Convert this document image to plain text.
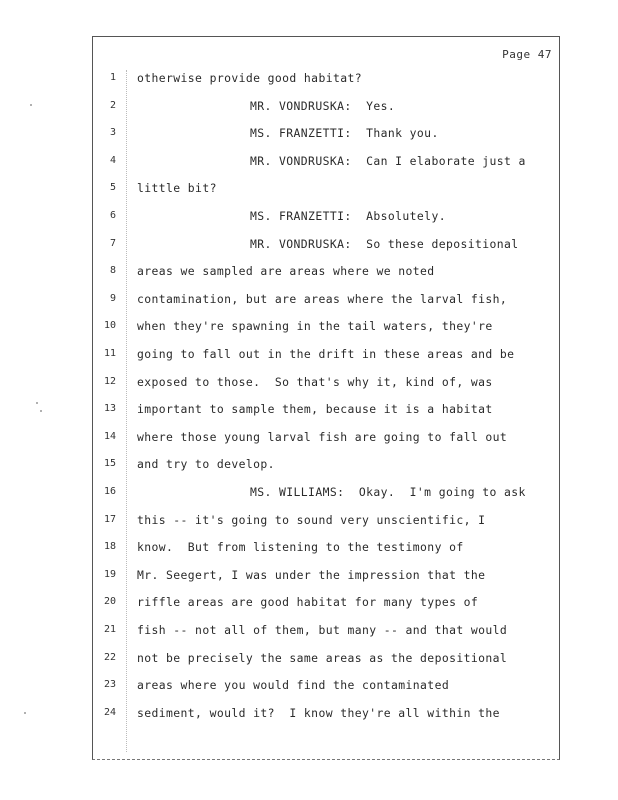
Page 47
1 otherwise provide good habitat?
2	MR. VONDRUSKA:  Yes.
3	MS. FRANZETTI:  Thank you.
4	MR. VONDRUSKA:  Can I elaborate just a
5 little bit?
6	MS. FRANZETTI:  Absolutely.
7	MR. VONDRUSKA:  So these depositional
8 areas we sampled are areas where we noted
9 contamination, but are areas where the larval fish,
10 when they're spawning in the tail waters, they're
11 going to fall out in the drift in these areas and be
12 exposed to those.  So that's why it, kind of, was
13 important to sample them, because it is a habitat
14 where those young larval fish are going to fall out
15 and try to develop.
16	MS. WILLIAMS:  Okay.  I'm going to ask
17 this -- it's going to sound very unscientific, I
18 know.  But from listening to the testimony of
19 Mr. Seegert, I was under the impression that the
20 riffle areas are good habitat for many types of
21 fish -- not all of them, but many -- and that would
22 not be precisely the same areas as the depositional
23 areas where you would find the contaminated
24 sediment, would it?  I know they're all within the
